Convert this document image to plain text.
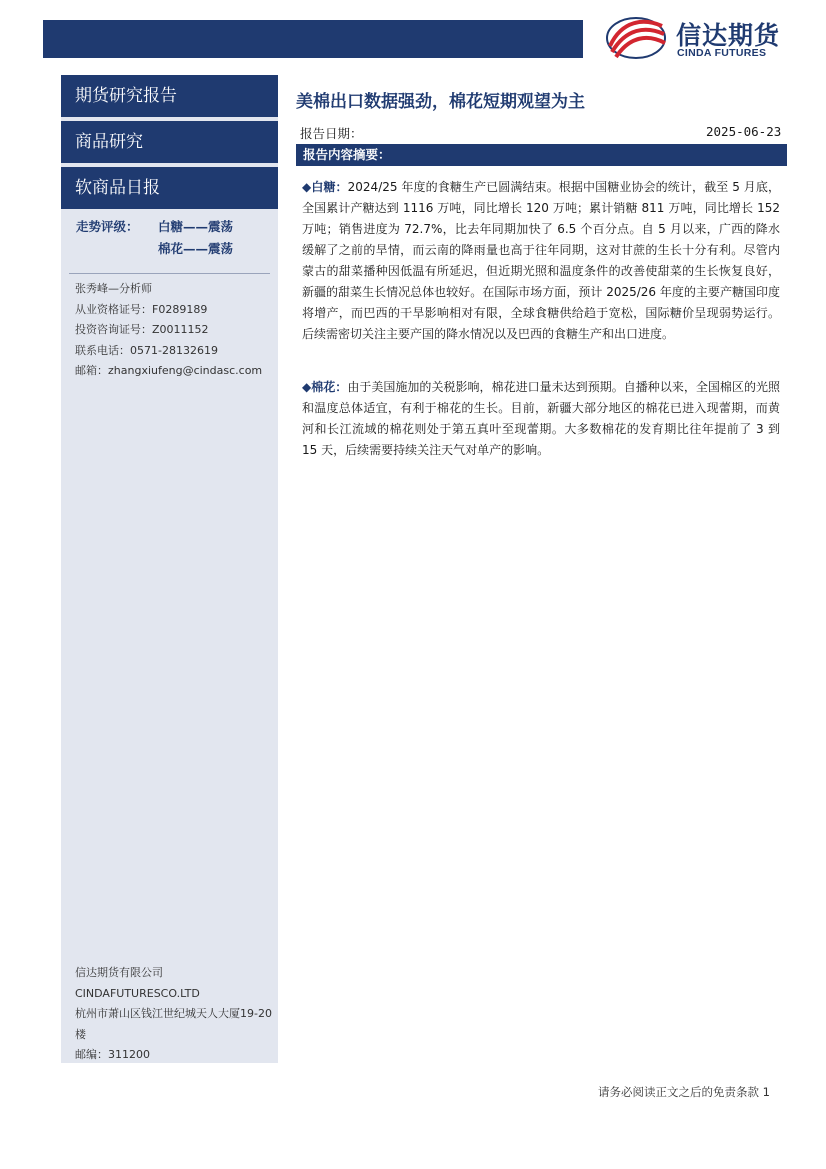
信达期货
CINDA FUTURES
期货研究报告
商品研究
软商品日报
走势评级： 白糖——震荡
棉花——震荡
张秀峰—分析师
从业资格证号：F0289189
投资咨询证号：Z0011152
联系电话：0571-28132619
邮箱：zhangxiufeng@cindasc.com
信达期货有限公司
CINDAFUTURESCO.LTD
杭州市萧山区钱江世纪城天人大厦19-20楼
邮编：311200
美棉出口数据强劲，棉花短期观望为主
报告日期：	2025-06-23
报告内容摘要：
◆白糖：2024/25 年度的食糖生产已圆满结束。根据中国糖业协会的统计，截至 5 月底，全国累计产糖达到 1116 万吨，同比增长 120 万吨；累计销糖 811 万吨，同比增长 152 万吨；销售进度为 72.7%，比去年同期加快了 6.5 个百分点。自 5 月以来，广西的降水缓解了之前的旱情，而云南的降雨量也高于往年同期，这对甘蔗的生长十分有利。尽管内蒙古的甜菜播种因低温有所延迟，但近期光照和温度条件的改善使甜菜的生长恢复良好，新疆的甜菜生长情况总体也较好。在国际市场方面，预计 2025/26 年度的主要产糖国印度将增产，而巴西的干旱影响相对有限，全球食糖供给趋于宽松，国际糖价呈现弱势运行。后续需密切关注主要产国的降水情况以及巴西的食糖生产和出口进度。
◆棉花：由于美国施加的关税影响，棉花进口量未达到预期。自播种以来，全国棉区的光照和温度总体适宜，有利于棉花的生长。目前，新疆大部分地区的棉花已进入现蕾期，而黄河和长江流域的棉花则处于第五真叶至现蕾期。大多数棉花的发育期比往年提前了 3 到 15 天，后续需要持续关注天气对单产的影响。
请务必阅读正文之后的免责条款 1
